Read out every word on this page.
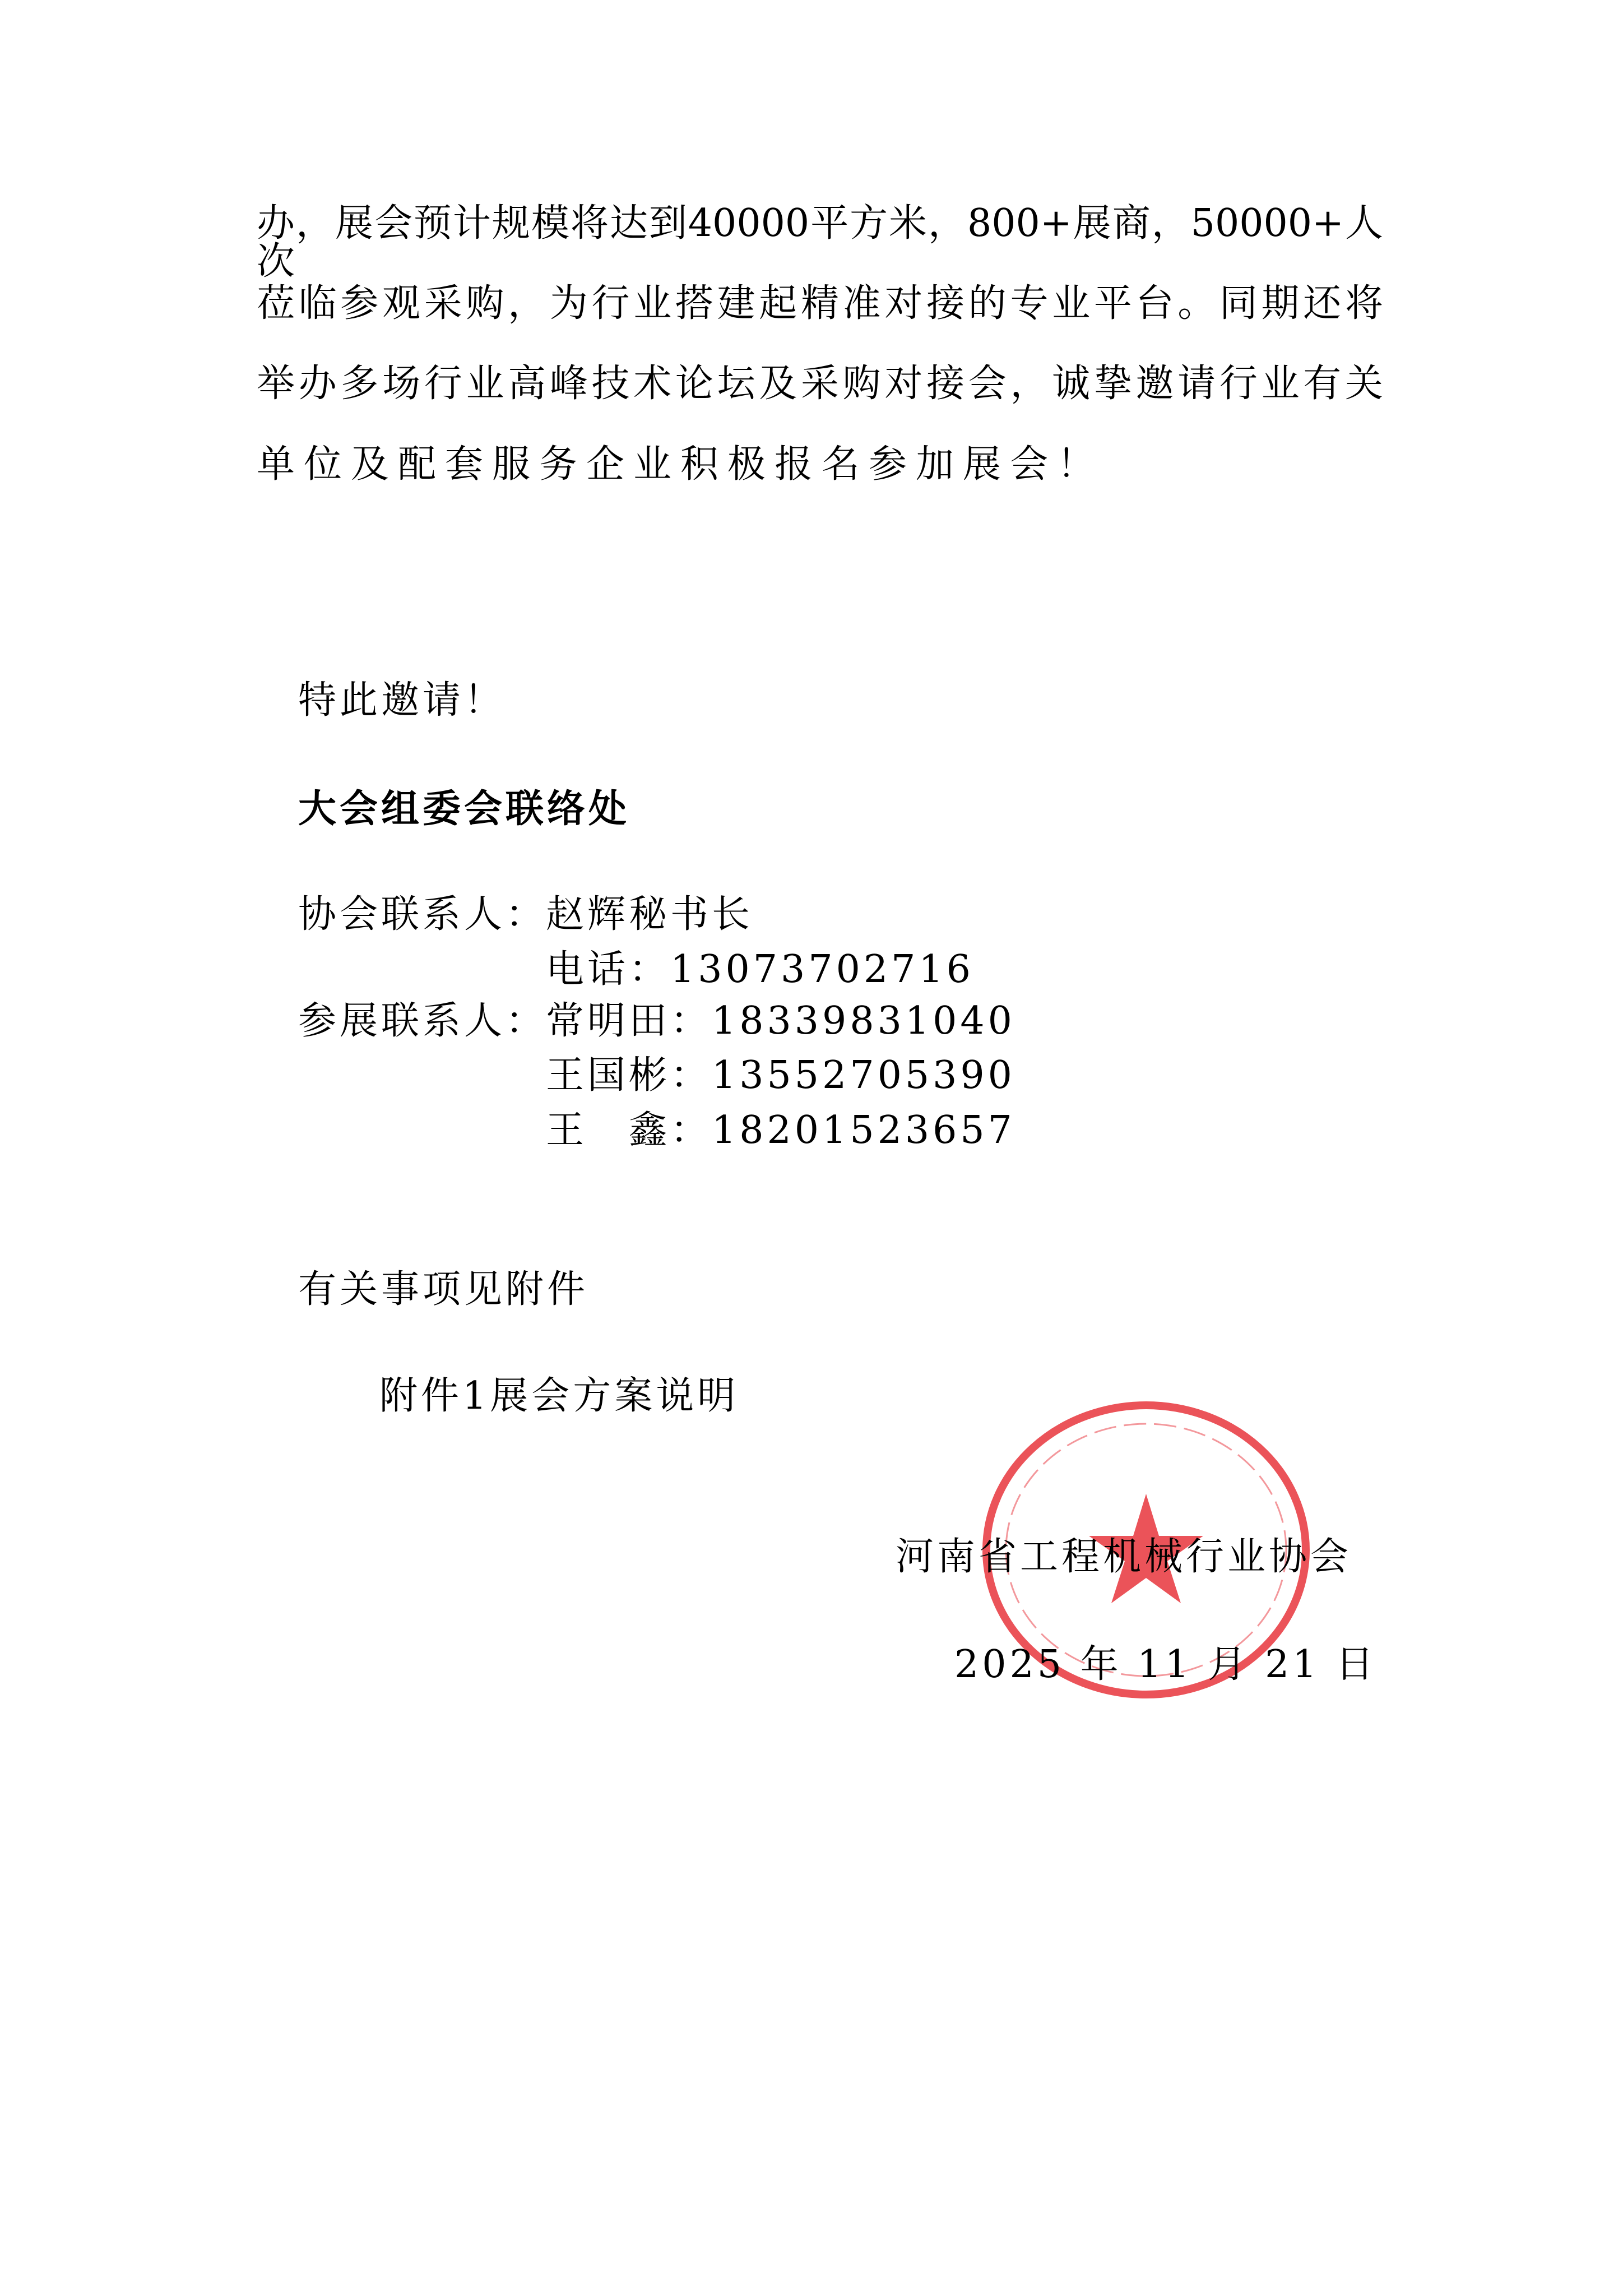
办，展会预计规模将达到40000平方米，800+展商，50000+人次
莅临参观采购，为行业搭建起精准对接的专业平台。同期还将
举办多场行业高峰技术论坛及采购对接会，诚挚邀请行业有关
单位及配套服务企业积极报名参加展会！
特此邀请！
大会组委会联络处
协会联系人：
赵辉秘书长
电话：13073702716
参展联系人：
常明田：18339831040
王国彬：13552705390
王　鑫：18201523657
有关事项见附件
附件1展会方案说明
河南省工程机械行业协会
2025 年 11 月 21 日
